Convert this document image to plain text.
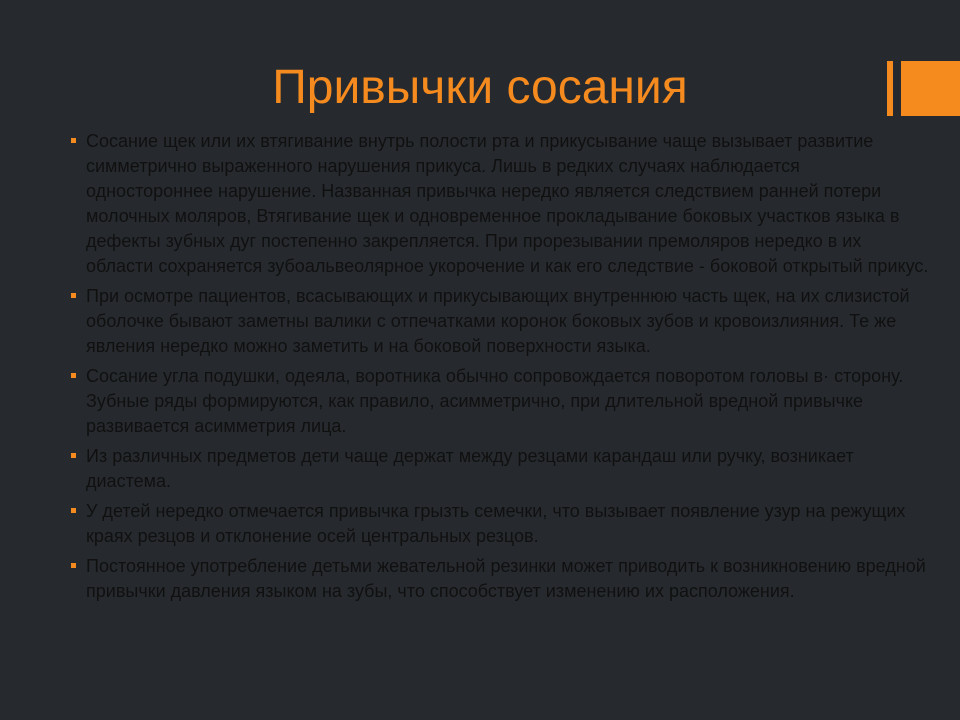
Привычки сосания
Сосание щек или их втягивание внутрь полости рта и прикусывание чаще вызывает развитие симметрично выраженного нарушения прикуса. Лишь в редких случаях наблюдается одностороннее нарушение. Названная привычка нередко является следствием ранней потери молочных моляров, Втягивание щек и одновременное прокладывание боковых участков языка в дефекты зубных дуг постепенно закрепляется. При прорезывании премоляров нередко в их области сохраняется зубоальвеолярное укорочение и как его следствие - боковой открытый прикус.
При осмотре пациентов, всасывающих и прикусывающих внутреннюю часть щек, на их слизистой оболочке бывают заметны валики с отпечатками коронок боковых зубов и кровоизлияния. Те же явления нередко можно заметить и на боковой поверхности языка.
Сосание угла подушки, одеяла, воротника обычно сопровождается поворотом головы в· сторону. Зубные ряды формируются, как правило, асимметрично, при длительной вредной привычке развивается асимметрия лица.
Из различных предметов дети чаще держат между резцами карандаш или ручку, возникает диастема.
У детей нередко отмечается привычка грызть семечки, что вызывает появление узур на режущих краях резцов и отклонение осей центральных резцов.
Постоянное употребление детьми жевательной резинки может приводить к возникновению вредной привычки давления языком на зубы, что способствует изменению их расположения.
